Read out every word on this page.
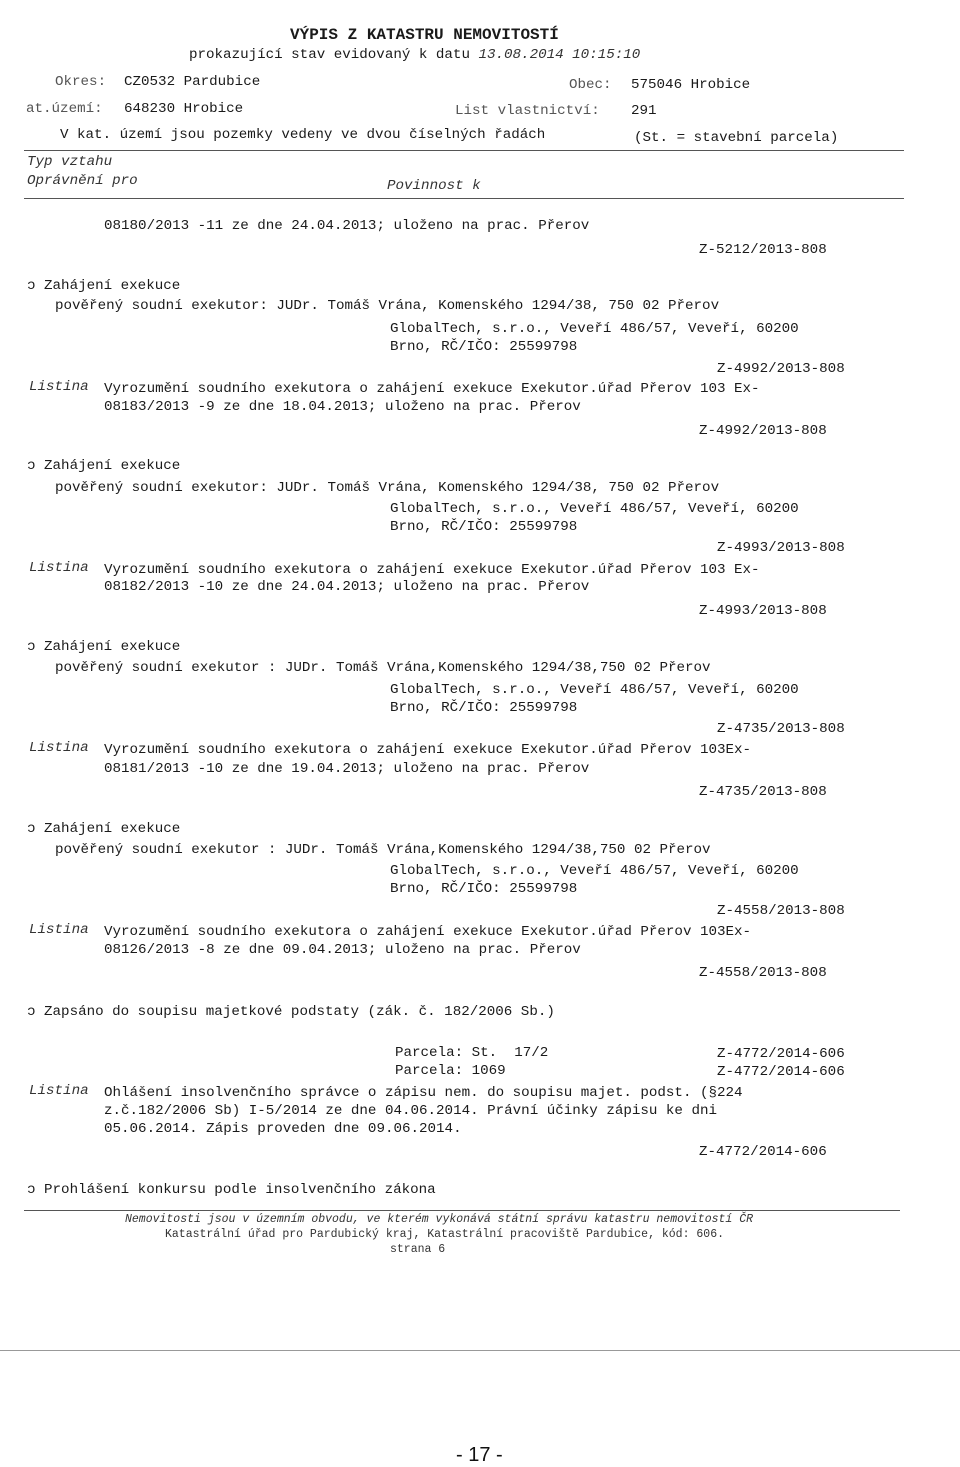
VÝPIS Z KATASTRU NEMOVITOSTÍ
prokazující stav evidovaný k datu 13.08.2014 10:15:10
Okres: CZ0532 Pardubice	Obec: 575046 Hrobice
at.území: 648230 Hrobice	List vlastnictví: 291
V kat. území jsou pozemky vedeny ve dvou číselných řadách	(St. = stavební parcela)
Typ vztahu
Oprávnění pro	Povinnost k
08180/2013 -11 ze dne 24.04.2013; uloženo na prac. Přerov
Z-5212/2013-808
ɔ Zahájení exekuce
pověřený soudní exekutor: JUDr. Tomáš Vrána, Komenského 1294/38, 750 02 Přerov
GlobalTech, s.r.o., Veveří 486/57, Veveří, 60200
Brno, RČ/IČO: 25599798
Z-4992/2013-808
Listina Vyrozumění soudního exekutora o zahájení exekuce Exekutor.úřad Přerov 103 Ex-
08183/2013 -9 ze dne 18.04.2013; uloženo na prac. Přerov
Z-4992/2013-808
ɔ Zahájení exekuce
pověřený soudní exekutor: JUDr. Tomáš Vrána, Komenského 1294/38, 750 02 Přerov
GlobalTech, s.r.o., Veveří 486/57, Veveří, 60200
Brno, RČ/IČO: 25599798
Z-4993/2013-808
Listina Vyrozumění soudního exekutora o zahájení exekuce Exekutor.úřad Přerov 103 Ex-
08182/2013 -10 ze dne 24.04.2013; uloženo na prac. Přerov
Z-4993/2013-808
ɔ Zahájení exekuce
pověřený soudní exekutor : JUDr. Tomáš Vrána,Komenského 1294/38,750 02 Přerov
GlobalTech, s.r.o., Veveří 486/57, Veveří, 60200
Brno, RČ/IČO: 25599798
Z-4735/2013-808
Listina Vyrozumění soudního exekutora o zahájení exekuce Exekutor.úřad Přerov 103Ex-
08181/2013 -10 ze dne 19.04.2013; uloženo na prac. Přerov
Z-4735/2013-808
ɔ Zahájení exekuce
pověřený soudní exekutor : JUDr. Tomáš Vrána,Komenského 1294/38,750 02 Přerov
GlobalTech, s.r.o., Veveří 486/57, Veveří, 60200
Brno, RČ/IČO: 25599798
Z-4558/2013-808
Listina Vyrozumění soudního exekutora o zahájení exekuce Exekutor.úřad Přerov 103Ex-
08126/2013 -8 ze dne 09.04.2013; uloženo na prac. Přerov
Z-4558/2013-808
ɔ Zapsáno do soupisu majetkové podstaty (zák. č. 182/2006 Sb.)
Parcela: St.  17/2	Z-4772/2014-606
Parcela: 1069	Z-4772/2014-606
Listina Ohlášení insolvenčního správce o zápisu nem. do soupisu majet. podst. (§224
z.č.182/2006 Sb) I-5/2014 ze dne 04.06.2014. Právní účinky zápisu ke dni
05.06.2014. Zápis proveden dne 09.06.2014.
Z-4772/2014-606
ɔ Prohlášení konkursu podle insolvenčního zákona
Nemovitosti jsou v územním obvodu, ve kterém vykonává státní správu katastru nemovitostí ČR
Katastrální úřad pro Pardubický kraj, Katastrální pracoviště Pardubice, kód: 606.
strana 6
- 17 -
